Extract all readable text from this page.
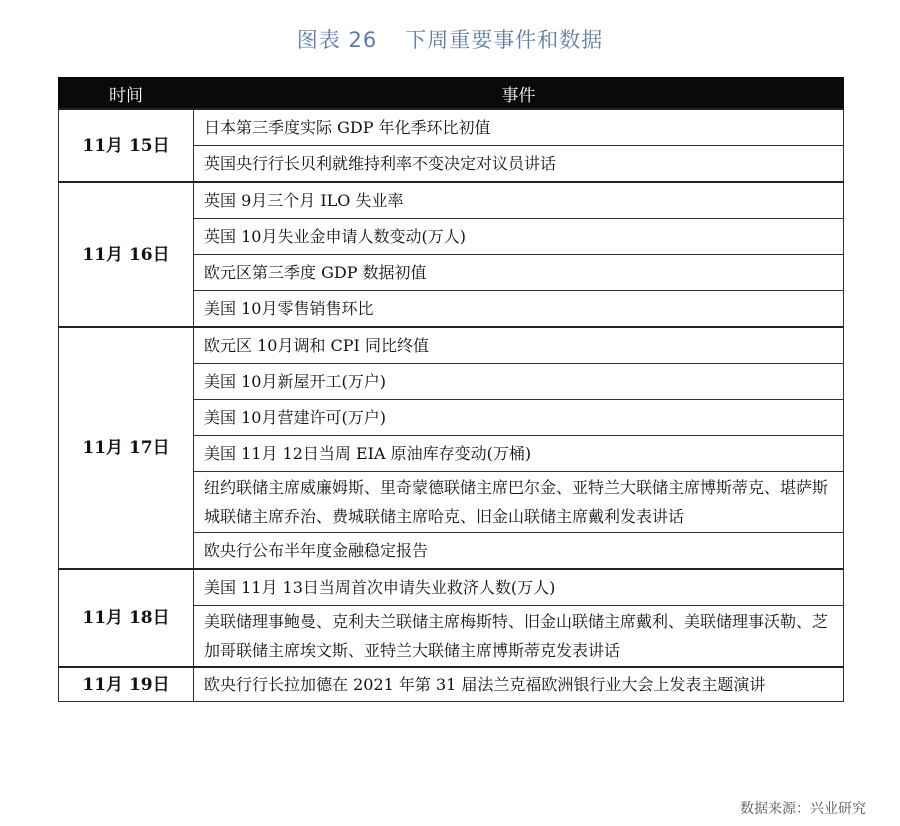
图表 26 下周重要事件和数据
时间	事件
11月 15日	日本第三季度实际 GDP 年化季环比初值
	英国央行行长贝利就维持利率不变决定对议员讲话
11月 16日	英国 9月三个月 ILO 失业率
	英国 10月失业金申请人数变动(万人)
	欧元区第三季度 GDP 数据初值
	美国 10月零售销售环比
11月 17日	欧元区 10月调和 CPI 同比终值
	美国 10月新屋开工(万户)
	美国 10月营建许可(万户)
	美国 11月 12日当周 EIA 原油库存变动(万桶)
	纽约联储主席威廉姆斯、里奇蒙德联储主席巴尔金、亚特兰大联储主席博斯蒂克、堪萨斯城联储主席乔治、费城联储主席哈克、旧金山联储主席戴利发表讲话
	欧央行公布半年度金融稳定报告
11月 18日	美国 11月 13日当周首次申请失业救济人数(万人)
	美联储理事鲍曼、克利夫兰联储主席梅斯特、旧金山联储主席戴利、美联储理事沃勒、芝加哥联储主席埃文斯、亚特兰大联储主席博斯蒂克发表讲话
11月 19日	欧央行行长拉加德在 2021 年第 31 届法兰克福欧洲银行业大会上发表主题演讲
数据来源：兴业研究
